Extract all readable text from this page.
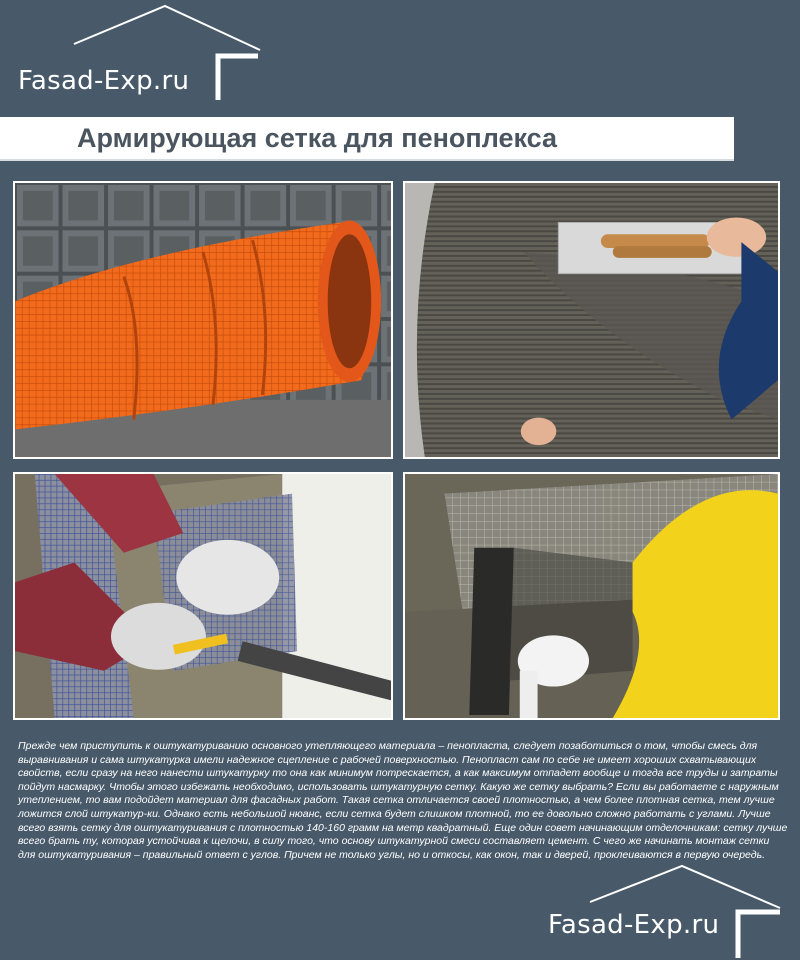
Fasad-Exp.ru
Армирующая сетка для пеноплекса
Прежде чем приступить к оштукатуриванию основного утепляющего материала – пенопласта, следует позаботиться о том, чтобы смесь для выравнивания и сама штукатурка имели надежное сцепление с рабочей поверхностью. Пенопласт сам по себе не имеет хороших схватывающих свойств, если сразу на него нанести штукатурку то она как минимум потрескается, а как максимум отпадет вообще и тогда все труды и затраты пойдут насмарку. Чтобы этого избежать необходимо, использовать штукатурную сетку. Какую же сетку выбрать? Если вы работаете с наружным утеплением, то вам подойдет материал для фасадных работ. Такая сетка отличается своей плотностью, а чем более плотная сетка, тем лучше ложится слой штукатур-ки. Однако есть небольшой нюанс, если сетка будет слишком плотной, то ее довольно сложно работать с углами. Лучше всего взять сетку для оштукатуривания с плотностью 140-160 грамм на метр квадратный. Еще один совет начинающим отделочникам: сетку лучше всего брать ту, которая устойчива к щелочи, в силу того, что основу штукатурной смеси составляет цемент. С чего же начинать монтаж сетки для оштукатуривания – правильный ответ с углов. Причем не только углы, но и откосы, как окон, так и дверей, проклеиваются в первую очередь.
Fasad-Exp.ru
